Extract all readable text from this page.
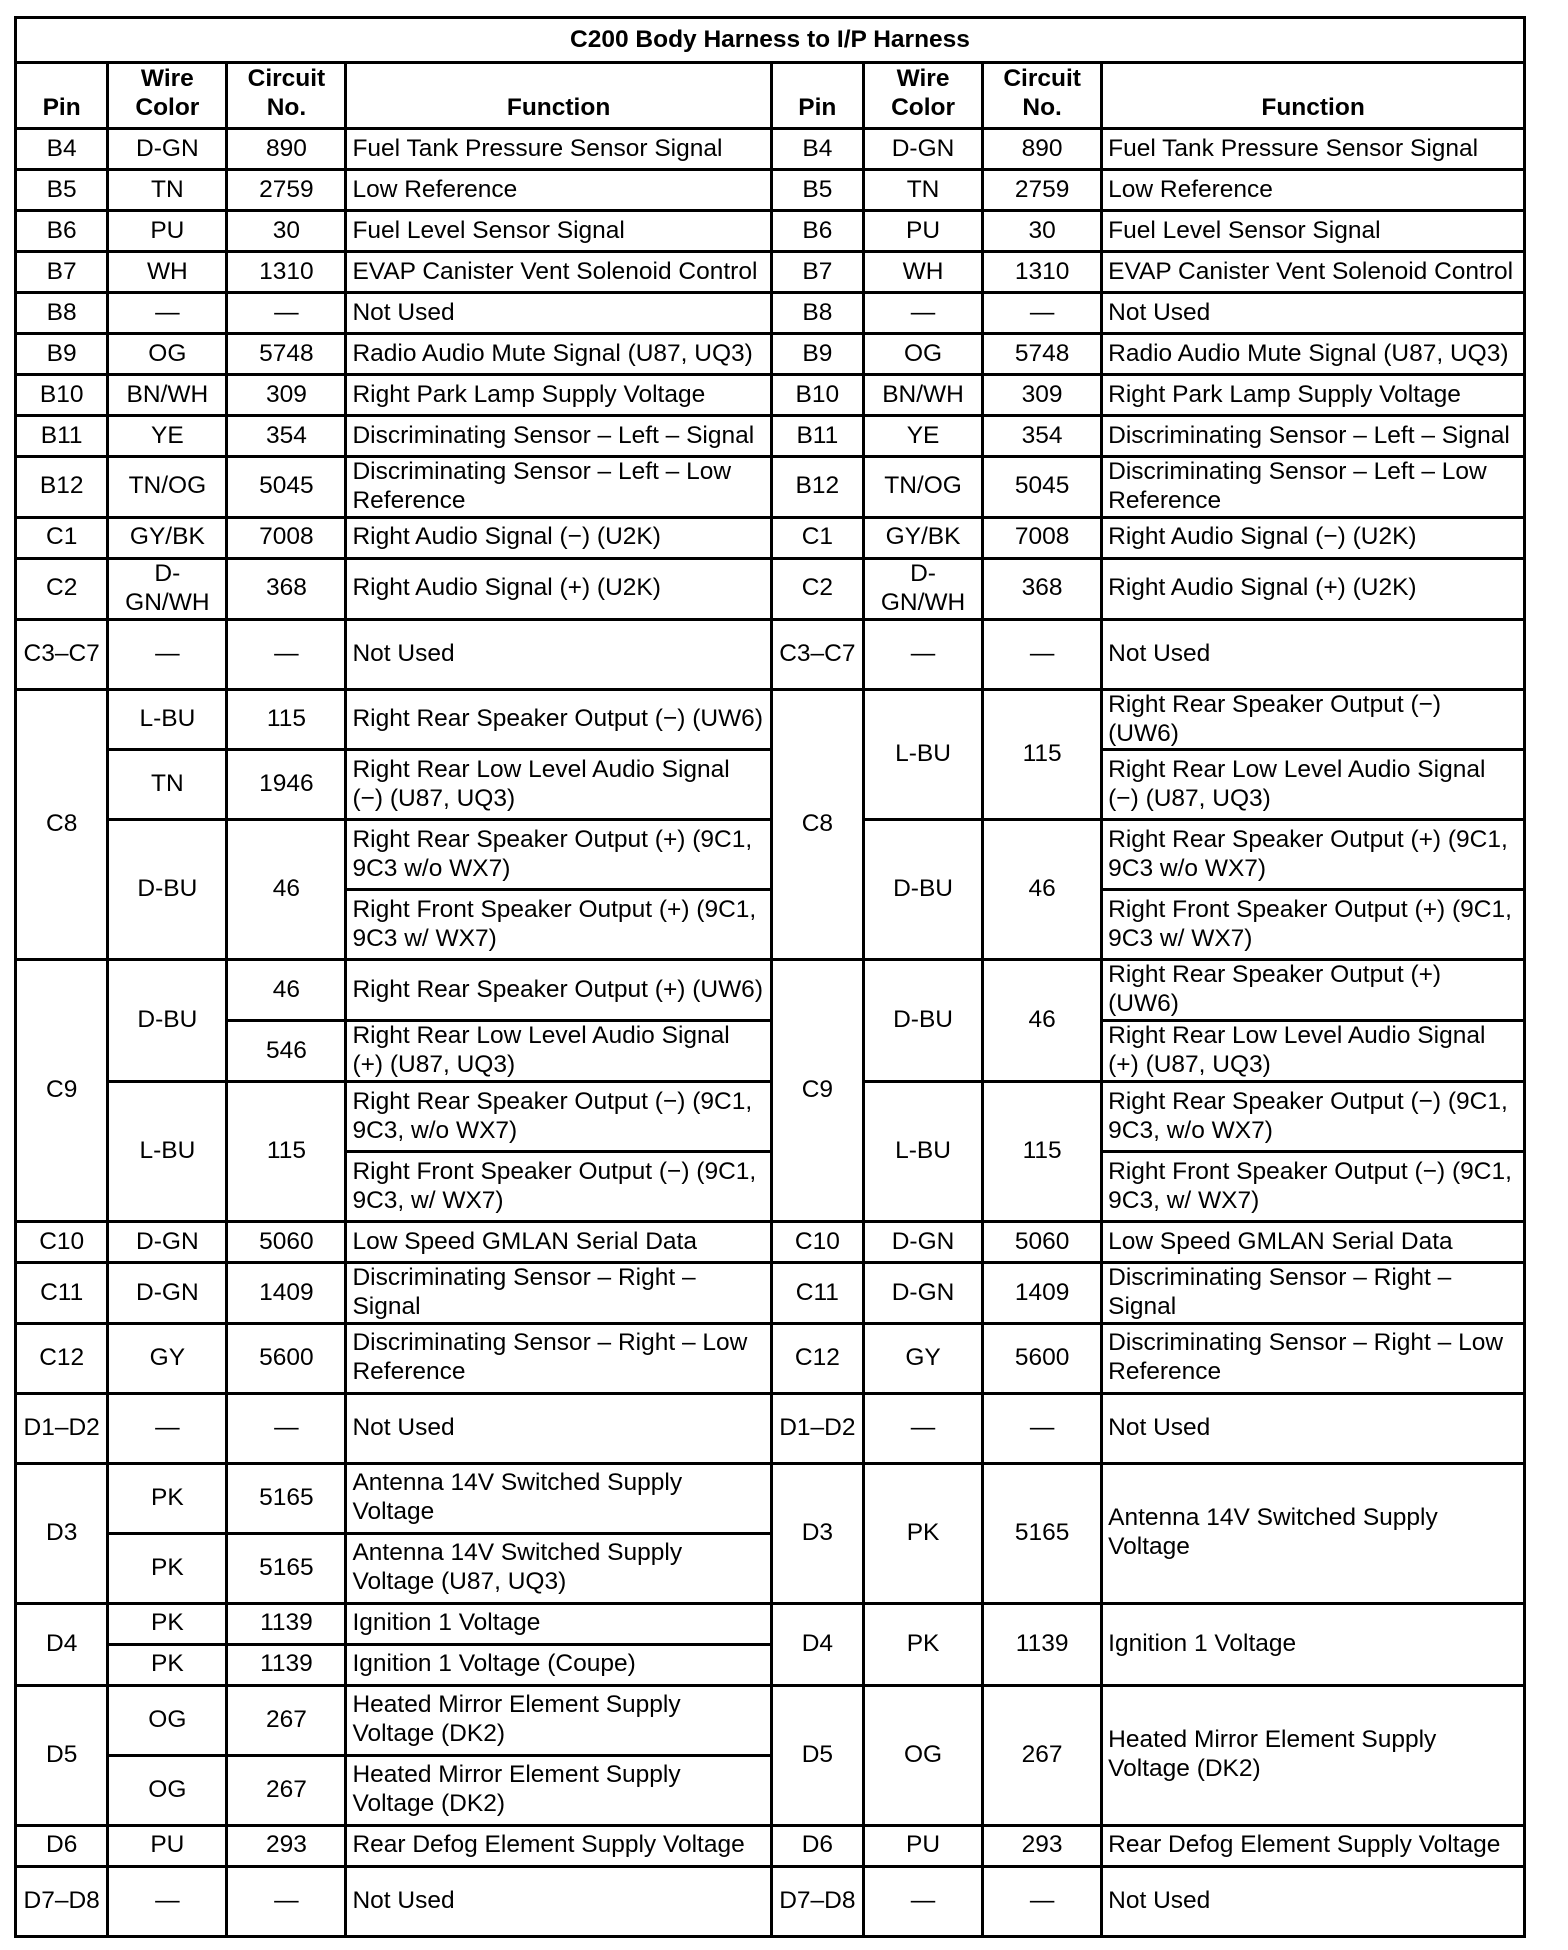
C200 Body Harness to I/P Harness							
Pin	Wire Color	Circuit No.	Function	Pin	Wire Color	Circuit No.	Function
B4	D-GN	890	Fuel Tank Pressure Sensor Signal	B4	D-GN	890	Fuel Tank Pressure Sensor Signal
B5	TN	2759	Low Reference	B5	TN	2759	Low Reference
B6	PU	30	Fuel Level Sensor Signal	B6	PU	30	Fuel Level Sensor Signal
B7	WH	1310	EVAP Canister Vent Solenoid Control	B7	WH	1310	EVAP Canister Vent Solenoid Control
B8	—	—	Not Used	B8	—	—	Not Used
B9	OG	5748	Radio Audio Mute Signal (U87, UQ3)	B9	OG	5748	Radio Audio Mute Signal (U87, UQ3)
B10	BN/WH	309	Right Park Lamp Supply Voltage	B10	BN/WH	309	Right Park Lamp Supply Voltage
B11	YE	354	Discriminating Sensor – Left – Signal	B11	YE	354	Discriminating Sensor – Left – Signal
B12	TN/OG	5045	Discriminating Sensor – Left – Low Reference	B12	TN/OG	5045	Discriminating Sensor – Left – Low Reference
C1	GY/BK	7008	Right Audio Signal (−) (U2K)	C1	GY/BK	7008	Right Audio Signal (−) (U2K)
C2	D-GN/WH	368	Right Audio Signal (+) (U2K)	C2	D-GN/WH	368	Right Audio Signal (+) (U2K)
C3–C7	—	—	Not Used	C3–C7	—	—	Not Used
C8	L-BU	115	Right Rear Speaker Output (−) (UW6)	C8	L-BU	115	Right Rear Speaker Output (−) (UW6)
	TN	1946	Right Rear Low Level Audio Signal (−) (U87, UQ3)				Right Rear Low Level Audio Signal (−) (U87, UQ3)
	D-BU	46	Right Rear Speaker Output (+) (9C1, 9C3 w/o WX7)		D-BU	46	Right Rear Speaker Output (+) (9C1, 9C3 w/o WX7)
			Right Front Speaker Output (+) (9C1, 9C3 w/ WX7)				Right Front Speaker Output (+) (9C1, 9C3 w/ WX7)
C9	D-BU	46	Right Rear Speaker Output (+) (UW6)	C9	D-BU	46	Right Rear Speaker Output (+) (UW6)
		546	Right Rear Low Level Audio Signal (+) (U87, UQ3)				Right Rear Low Level Audio Signal (+) (U87, UQ3)
	L-BU	115	Right Rear Speaker Output (−) (9C1, 9C3, w/o WX7)		L-BU	115	Right Rear Speaker Output (−) (9C1, 9C3, w/o WX7)
			Right Front Speaker Output (−) (9C1, 9C3, w/ WX7)				Right Front Speaker Output (−) (9C1, 9C3, w/ WX7)
C10	D-GN	5060	Low Speed GMLAN Serial Data	C10	D-GN	5060	Low Speed GMLAN Serial Data
C11	D-GN	1409	Discriminating Sensor – Right – Signal	C11	D-GN	1409	Discriminating Sensor – Right – Signal
C12	GY	5600	Discriminating Sensor – Right – Low Reference	C12	GY	5600	Discriminating Sensor – Right – Low Reference
D1–D2	—	—	Not Used	D1–D2	—	—	Not Used
D3	PK	5165	Antenna 14V Switched Supply Voltage	D3	PK	5165	Antenna 14V Switched Supply Voltage
	PK	5165	Antenna 14V Switched Supply Voltage (U87, UQ3)				
D4	PK	1139	Ignition 1 Voltage	D4	PK	1139	Ignition 1 Voltage
	PK	1139	Ignition 1 Voltage (Coupe)				
D5	OG	267	Heated Mirror Element Supply Voltage (DK2)	D5	OG	267	Heated Mirror Element Supply Voltage (DK2)
	OG	267	Heated Mirror Element Supply Voltage (DK2)				
D6	PU	293	Rear Defog Element Supply Voltage	D6	PU	293	Rear Defog Element Supply Voltage
D7–D8	—	—	Not Used	D7–D8	—	—	Not Used
